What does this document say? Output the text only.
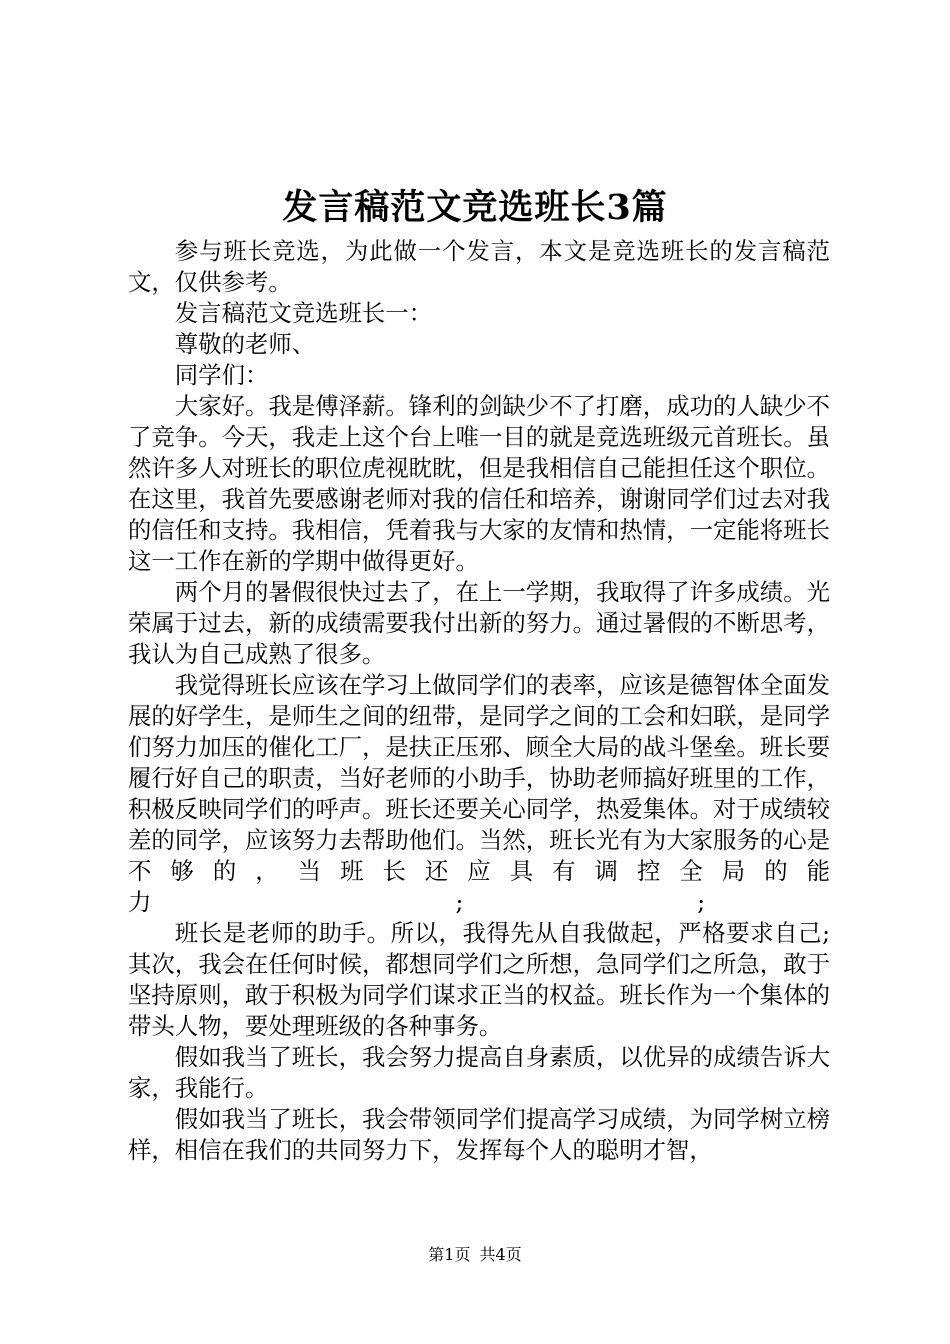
发言稿范文竞选班长3篇

参与班长竞选，为此做一个发言，本文是竞选班长的发言稿范文，仅供参考。

发言稿范文竞选班长一：

尊敬的老师、

同学们：

大家好。我是傅泽薪。锋利的剑缺少不了打磨，成功的人缺少不了竞争。今天，我走上这个台上唯一目的就是竞选班级元首班长。虽然许多人对班长的职位虎视眈眈，但是我相信自己能担任这个职位。在这里，我首先要感谢老师对我的信任和培养，谢谢同学们过去对我的信任和支持。我相信，凭着我与大家的友情和热情，一定能将班长这一工作在新的学期中做得更好。

两个月的暑假很快过去了，在上一学期，我取得了许多成绩。光荣属于过去，新的成绩需要我付出新的努力。通过暑假的不断思考，我认为自己成熟了很多。

我觉得班长应该在学习上做同学们的表率，应该是德智体全面发展的好学生，是师生之间的纽带，是同学之间的工会和妇联，是同学们努力加压的催化工厂，是扶正压邪、顾全大局的战斗堡垒。班长要履行好自己的职责，当好老师的小助手，协助老师搞好班里的工作，积极反映同学们的呼声。班长还要关心同学，热爱集体。对于成绩较差的同学，应该努力去帮助他们。当然，班长光有为大家服务的心是不够的，当班长还应具有调控全局的能力　　　　　　　　　　　　　;　　　　　　　　　　;

班长是老师的助手。所以，我得先从自我做起，严格要求自己;其次，我会在任何时候，都想同学们之所想，急同学们之所急，敢于坚持原则，敢于积极为同学们谋求正当的权益。班长作为一个集体的带头人物，要处理班级的各种事务。

假如我当了班长，我会努力提高自身素质，以优异的成绩告诉大家，我能行。

假如我当了班长，我会带领同学们提高学习成绩，为同学树立榜样，相信在我们的共同努力下，发挥每个人的聪明才智，

第1页 共4页
